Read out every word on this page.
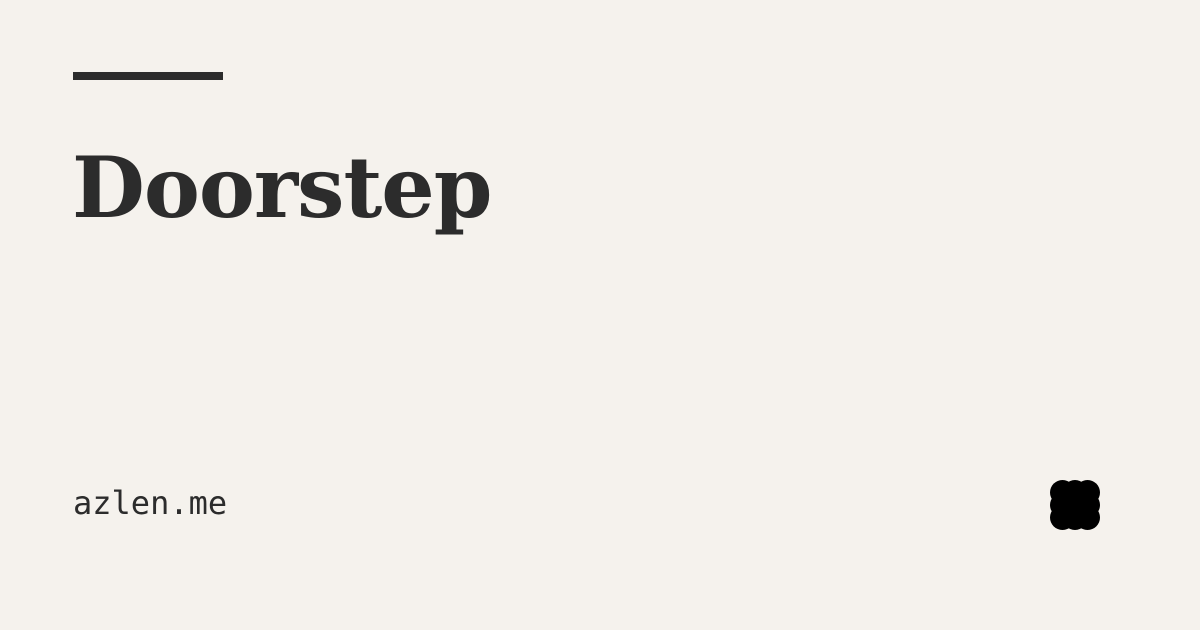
Doorstep
azlen.me
